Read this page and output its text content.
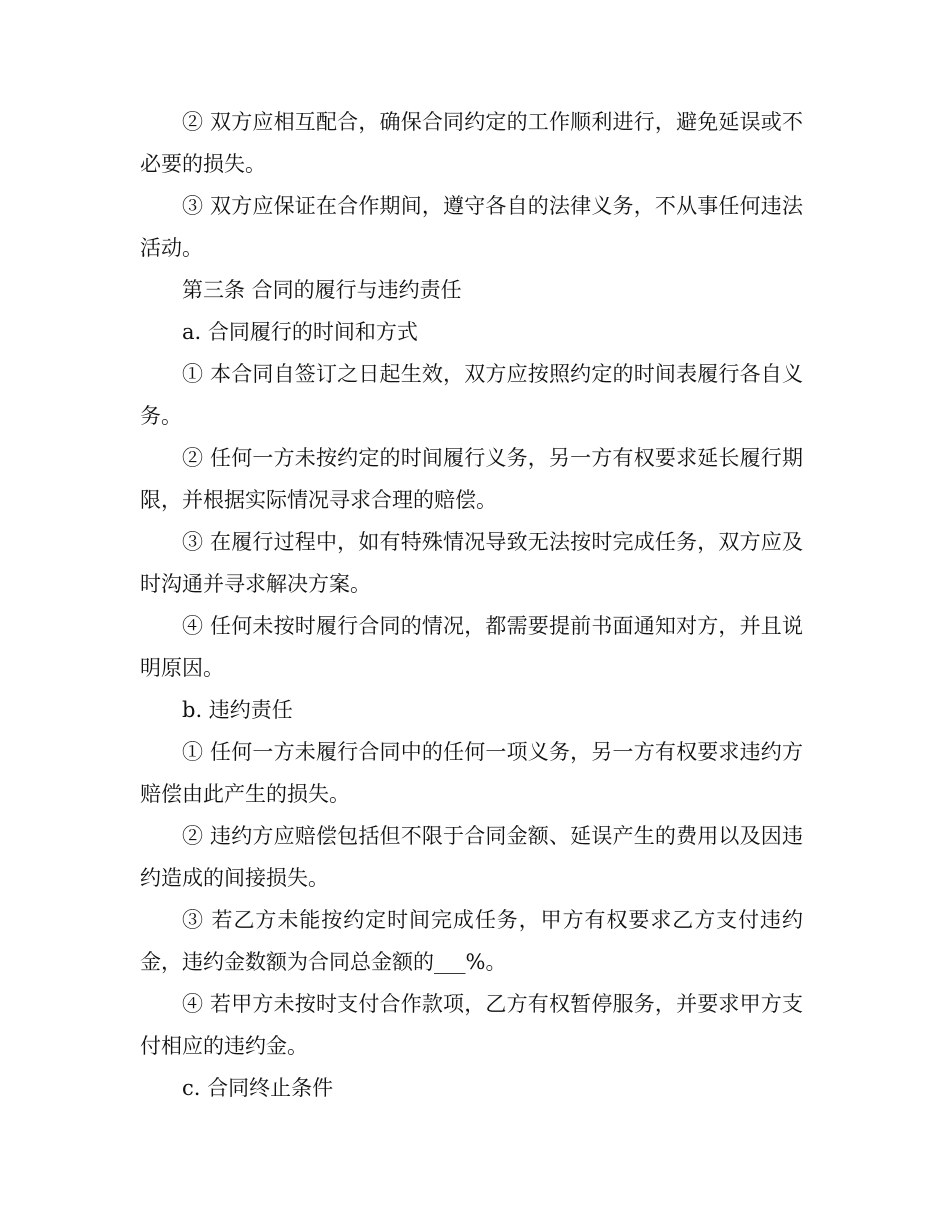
② 双方应相互配合，确保合同约定的工作顺利进行，避免延误或不必要的损失。

③ 双方应保证在合作期间，遵守各自的法律义务，不从事任何违法活动。

第三条 合同的履行与违约责任

a. 合同履行的时间和方式

① 本合同自签订之日起生效，双方应按照约定的时间表履行各自义务。

② 任何一方未按约定的时间履行义务，另一方有权要求延长履行期限，并根据实际情况寻求合理的赔偿。

③ 在履行过程中，如有特殊情况导致无法按时完成任务，双方应及时沟通并寻求解决方案。

④ 任何未按时履行合同的情况，都需要提前书面通知对方，并且说明原因。

b. 违约责任

① 任何一方未履行合同中的任何一项义务，另一方有权要求违约方赔偿由此产生的损失。

② 违约方应赔偿包括但不限于合同金额、延误产生的费用以及因违约造成的间接损失。

③ 若乙方未能按约定时间完成任务，甲方有权要求乙方支付违约金，违约金数额为合同总金额的___%。

④ 若甲方未按时支付合作款项，乙方有权暂停服务，并要求甲方支付相应的违约金。

c. 合同终止条件
